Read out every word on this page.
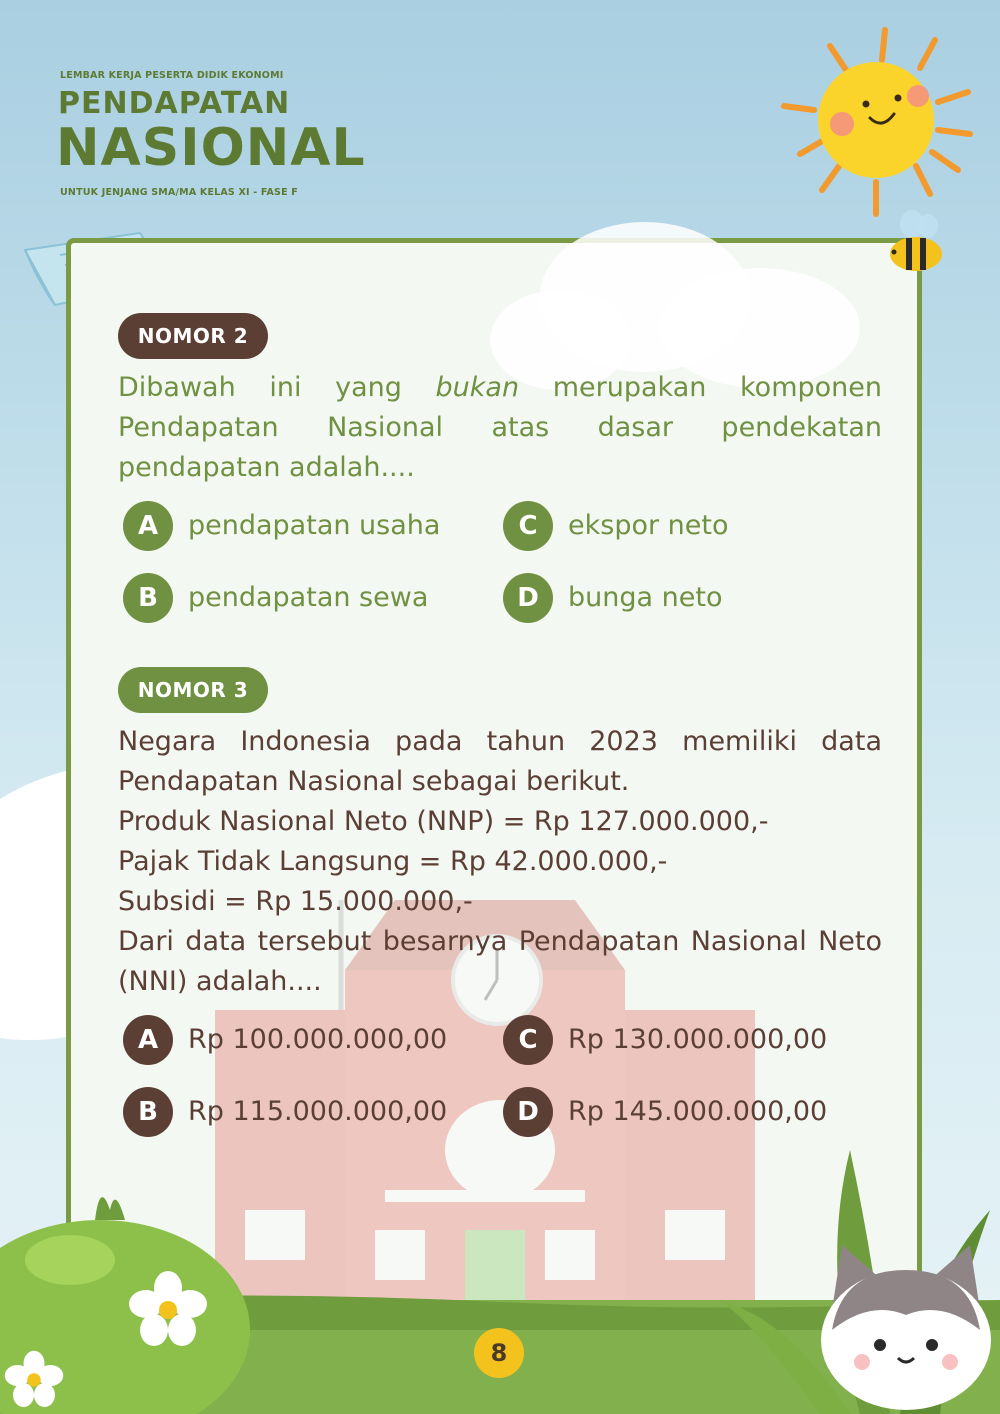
LEMBAR KERJA PESERTA DIDIK EKONOMI
PENDAPATAN
NASIONAL
UNTUK JENJANG SMA/MA KELAS XI - FASE F
NOMOR 2
Dibawah ini yang bukan merupakan komponen Pendapatan Nasional atas dasar pendekatan pendapatan adalah....
A	pendapatan usaha
B	pendapatan sewa
C	ekspor neto
D	bunga neto
NOMOR 3
Negara Indonesia pada tahun 2023 memiliki data Pendapatan Nasional sebagai berikut.
Produk Nasional Neto (NNP) = Rp 127.000.000,-
Pajak Tidak Langsung = Rp 42.000.000,-
Subsidi = Rp 15.000.000,-
Dari data tersebut besarnya Pendapatan Nasional Neto (NNI) adalah....
A	Rp 100.000.000,00
B	Rp 115.000.000,00
C	Rp 130.000.000,00
D	Rp 145.000.000,00
8
